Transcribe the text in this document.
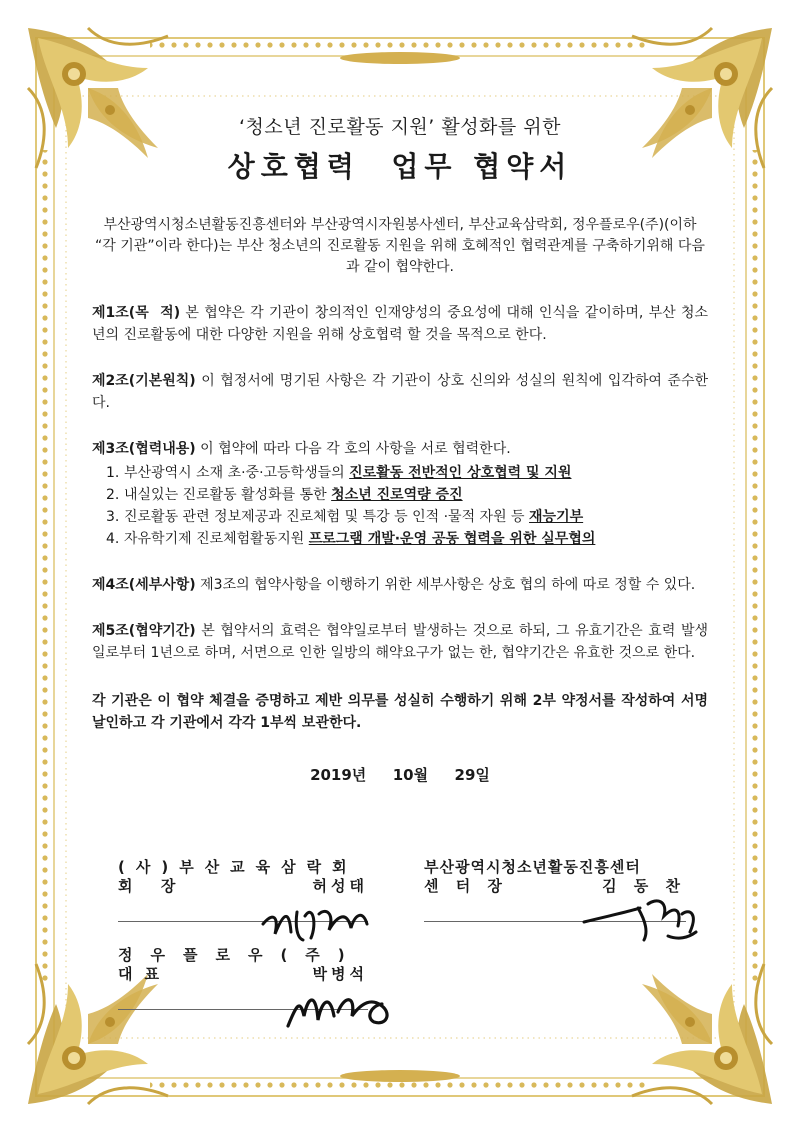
‘청소년 진로활동 지원’ 활성화를 위한

상호협력  업무 협약서

부산광역시청소년활동진흥센터와 부산광역시자원봉사센터, 부산교육삼락회, 정우플로우(주)(이하 “각 기관”이라 한다)는 부산 청소년의 진로활동 지원을 위해 호혜적인 협력관계를 구축하기위해 다음과 같이 협약한다.
제1조(목  적) 본 협약은 각 기관이 창의적인 인재양성의 중요성에 대해 인식을 같이하며, 부산 청소년의 진로활동에 대한 다양한 지원을 위해 상호협력 할 것을 목적으로 한다.
제2조(기본원칙) 이 협정서에 명기된 사항은 각 기관이 상호 신의와 성실의 원칙에 입각하여 준수한다.
제3조(협력내용) 이 협약에 따라 다음 각 호의 사항을 서로 협력한다.
1. 부산광역시 소재 초·중·고등학생들의 진로활동 전반적인 상호협력 및 지원
2. 내실있는 진로활동 활성화를 통한 청소년 진로역량 증진
3. 진로활동 관련 정보제공과 진로체험 및 특강 등 인적 ·물적 자원 등 재능기부
4. 자유학기제 진로체험활동지원 프로그램 개발·운영 공동 협력을 위한 실무협의
제4조(세부사항) 제3조의 협약사항을 이행하기 위한 세부사항은 상호 협의 하에 따로 정할 수 있다.
제5조(협약기간) 본 협약서의 효력은 협약일로부터 발생하는 것으로 하되, 그 유효기간은 효력 발생일로부터 1년으로 하며, 서면으로 인한 일방의 해약요구가 없는 한, 협약기간은 유효한 것으로 한다.
각 기관은 이 협약 체결을 증명하고 제반 의무를 성실히 수행하기 위해 2부 약정서를 작성하여 서명 날인하고 각 기관에서 각각 1부씩 보관한다.
2019년  10월  29일
(사)부산교육삼락회
회  장	허성태
부산광역시청소년활동진흥센터
센 터 장	김 동 찬
정우플로우(주)
대표	박병석
